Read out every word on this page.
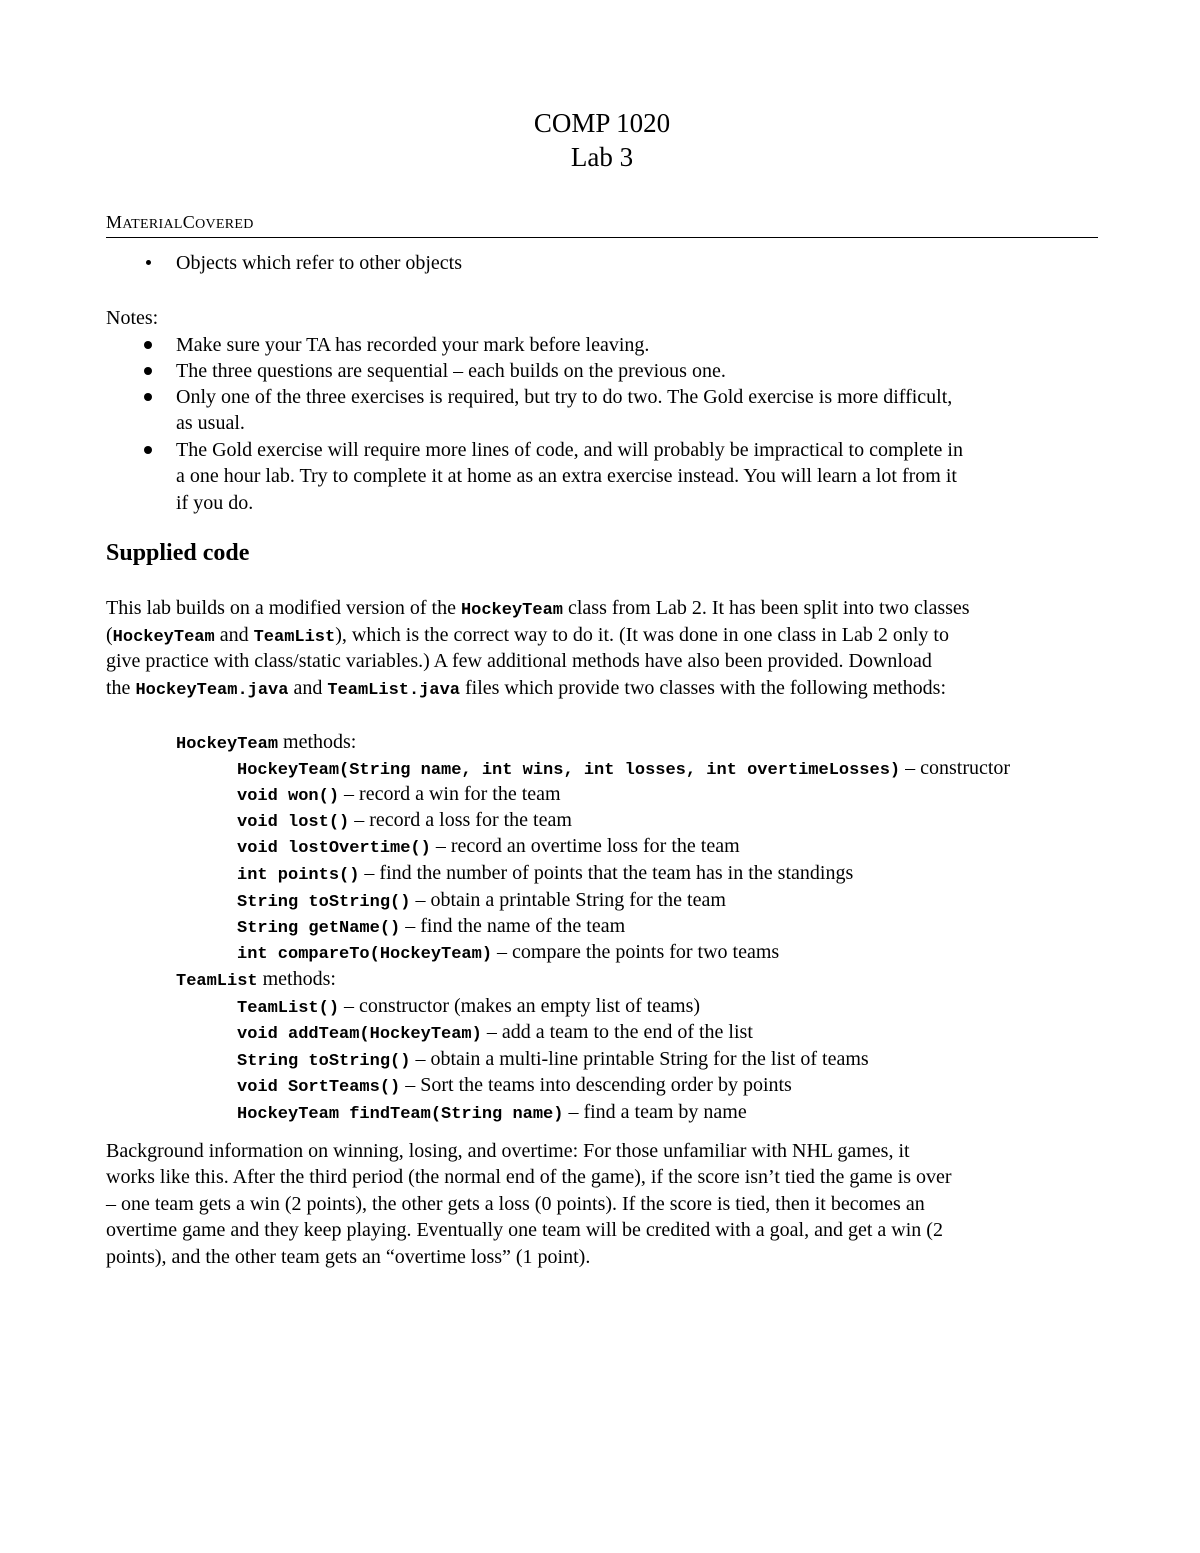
COMP 1020
Lab 3
MATERIALCOVERED
Objects which refer to other objects
Notes:
Make sure your TA has recorded your mark before leaving.
The three questions are sequential – each builds on the previous one.
Only one of the three exercises is required, but try to do two. The Gold exercise is more difficult,
as usual.
The Gold exercise will require more lines of code, and will probably be impractical to complete in
a one hour lab. Try to complete it at home as an extra exercise instead. You will learn a lot from it
if you do.
Supplied code
This lab builds on a modified version of the HockeyTeam class from Lab 2. It has been split into two classes
(HockeyTeam and TeamList), which is the correct way to do it. (It was done in one class in Lab 2 only to
give practice with class/static variables.) A few additional methods have also been provided. Download
the HockeyTeam.java and TeamList.java files which provide two classes with the following methods:
HockeyTeam methods:
HockeyTeam(String name, int wins, int losses, int overtimeLosses) – constructor
void won() – record a win for the team
void lost() – record a loss for the team
void lostOvertime() – record an overtime loss for the team
int points() – find the number of points that the team has in the standings
String toString() – obtain a printable String for the team
String getName() – find the name of the team
int compareTo(HockeyTeam) – compare the points for two teams
TeamList methods:
TeamList() – constructor (makes an empty list of teams)
void addTeam(HockeyTeam) – add a team to the end of the list
String toString() – obtain a multi-line printable String for the list of teams
void SortTeams() – Sort the teams into descending order by points
HockeyTeam findTeam(String name) – find a team by name
Background information on winning, losing, and overtime: For those unfamiliar with NHL games, it
works like this. After the third period (the normal end of the game), if the score isn’t tied the game is over
– one team gets a win (2 points), the other gets a loss (0 points). If the score is tied, then it becomes an
overtime game and they keep playing. Eventually one team will be credited with a goal, and get a win (2
points), and the other team gets an “overtime loss” (1 point).
